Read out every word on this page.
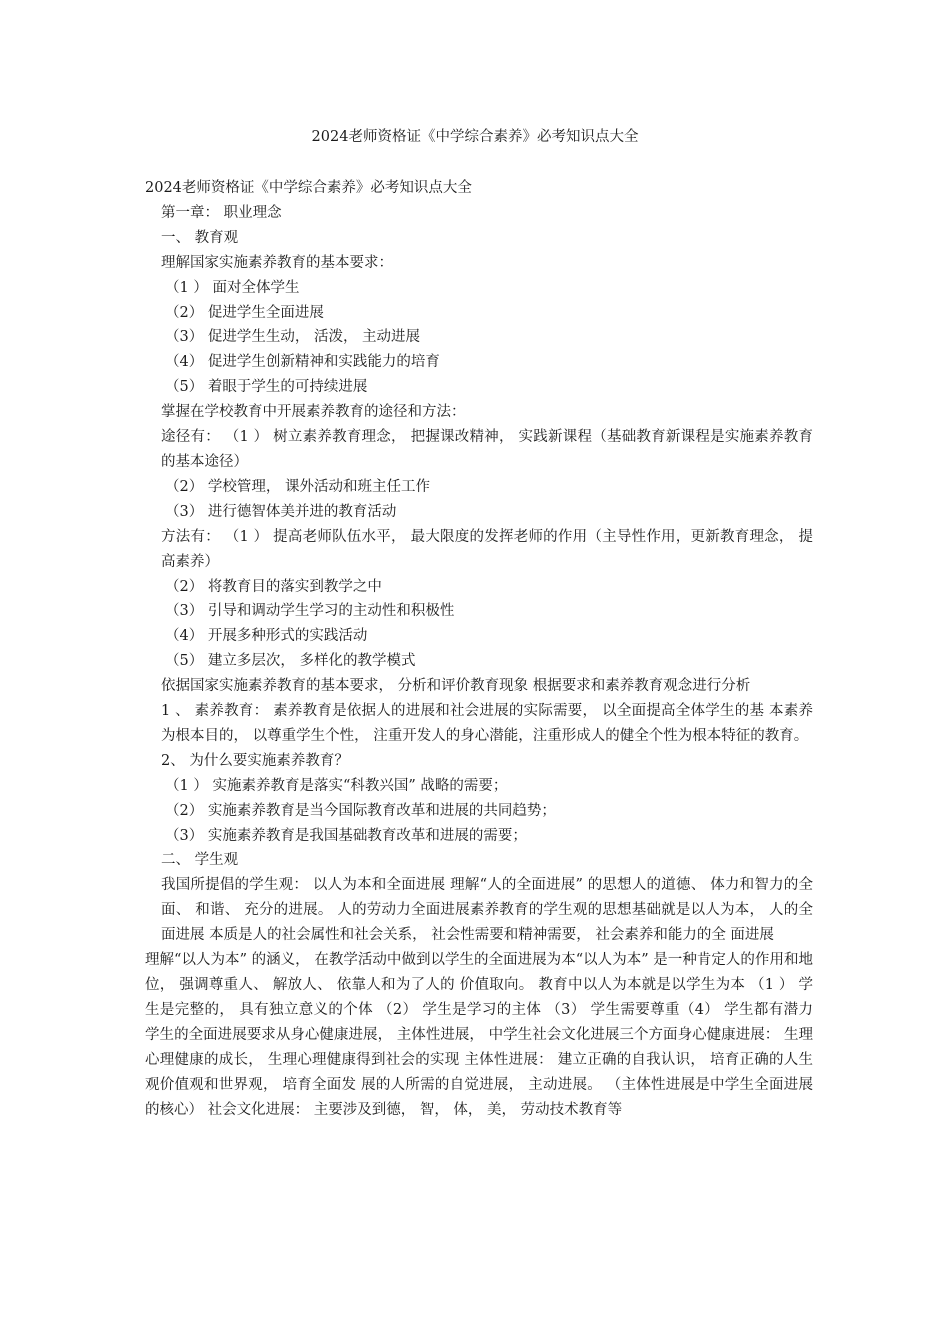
2024老师资格证《中学综合素养》必考知识点大全

2024老师资格证《中学综合素养》必考知识点大全

第一章： 职业理念

一、 教育观

理解国家实施素养教育的基本要求：

（1 ） 面对全体学生

（2） 促进学生全面进展

（3） 促进学生生动， 活泼， 主动进展

（4） 促进学生创新精神和实践能力的培育

（5） 着眼于学生的可持续进展

掌握在学校教育中开展素养教育的途径和方法：

途径有： （1 ） 树立素养教育理念， 把握课改精神， 实践新课程（基础教育新课程是实施素养教育 的基本途径）

（2） 学校管理， 课外活动和班主任工作

（3） 进行德智体美并进的教育活动

方法有： （1 ） 提高老师队伍水平， 最大限度的发挥老师的作用（主导性作用，更新教育理念， 提高素养）

（2） 将教育目的落实到教学之中

（3） 引导和调动学生学习的主动性和积极性

（4） 开展多种形式的实践活动

（5） 建立多层次， 多样化的教学模式

依据国家实施素养教育的基本要求， 分析和评价教育现象 根据要求和素养教育观念进行分析

1 、 素养教育： 素养教育是依据人的进展和社会进展的实际需要， 以全面提高全体学生的基 本素养为根本目的， 以尊重学生个性， 注重开发人的身心潜能，注重形成人的健全个性为根本特征的教育。

2、 为什么要实施素养教育？

（1 ） 实施素养教育是落实“科教兴国” 战略的需要；

（2） 实施素养教育是当今国际教育改革和进展的共同趋势；

（3） 实施素养教育是我国基础教育改革和进展的需要；

二、 学生观

我国所提倡的学生观： 以人为本和全面进展 理解“人的全面进展” 的思想人的道德、 体力和智力的全面、 和谐、 充分的进展。 人的劳动力全面进展素养教育的学生观的思想基础就是以人为本， 人的全面进展 本质是人的社会属性和社会关系， 社会性需要和精神需要， 社会素养和能力的全 面进展

理解“以人为本” 的涵义， 在教学活动中做到以学生的全面进展为本“以人为本” 是一种肯定人的作用和地位， 强调尊重人、 解放人、 依靠人和为了人的 价值取向。 教育中以人为本就是以学生为本 （1 ） 学生是完整的， 具有独立意义的个体 （2） 学生是学习的主体 （3） 学生需要尊重（4） 学生都有潜力 学生的全面进展要求从身心健康进展， 主体性进展， 中学生社会文化进展三个方面身心健康进展： 生理心理健康的成长， 生理心理健康得到社会的实现 主体性进展： 建立正确的自我认识， 培育正确的人生观价值观和世界观， 培育全面发 展的人所需的自觉进展， 主动进展。 （主体性进展是中学生全面进展的核心） 社会文化进展： 主要涉及到德， 智， 体， 美， 劳动技术教育等
